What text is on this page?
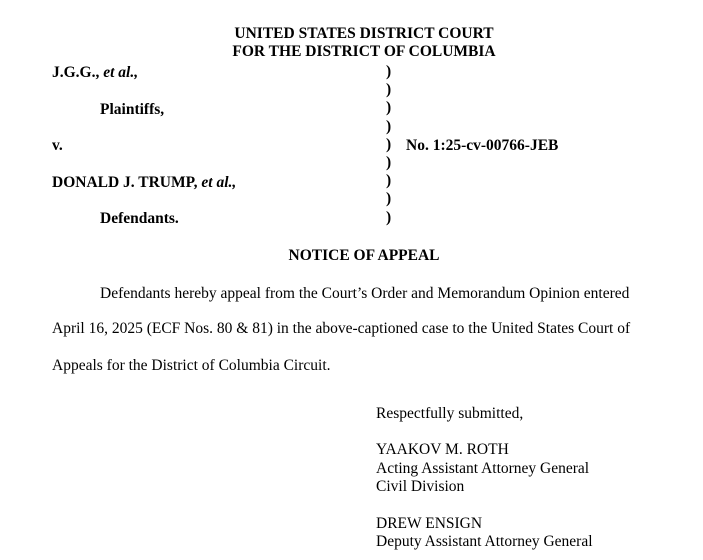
UNITED STATES DISTRICT COURT
FOR THE DISTRICT OF COLUMBIA
J.G.G., et al.,
Plaintiffs,
v.
DONALD J. TRUMP, et al.,
Defendants.
)
)
)
)
)
)
)
)
)
No. 1:25-cv-00766-JEB
NOTICE OF APPEAL
Defendants hereby appeal from the Court’s Order and Memorandum Opinion entered
April 16, 2025 (ECF Nos. 80 & 81) in the above-captioned case to the United States Court of
Appeals for the District of Columbia Circuit.
Respectfully submitted,
YAAKOV M. ROTH
Acting Assistant Attorney General
Civil Division
DREW ENSIGN
Deputy Assistant Attorney General
